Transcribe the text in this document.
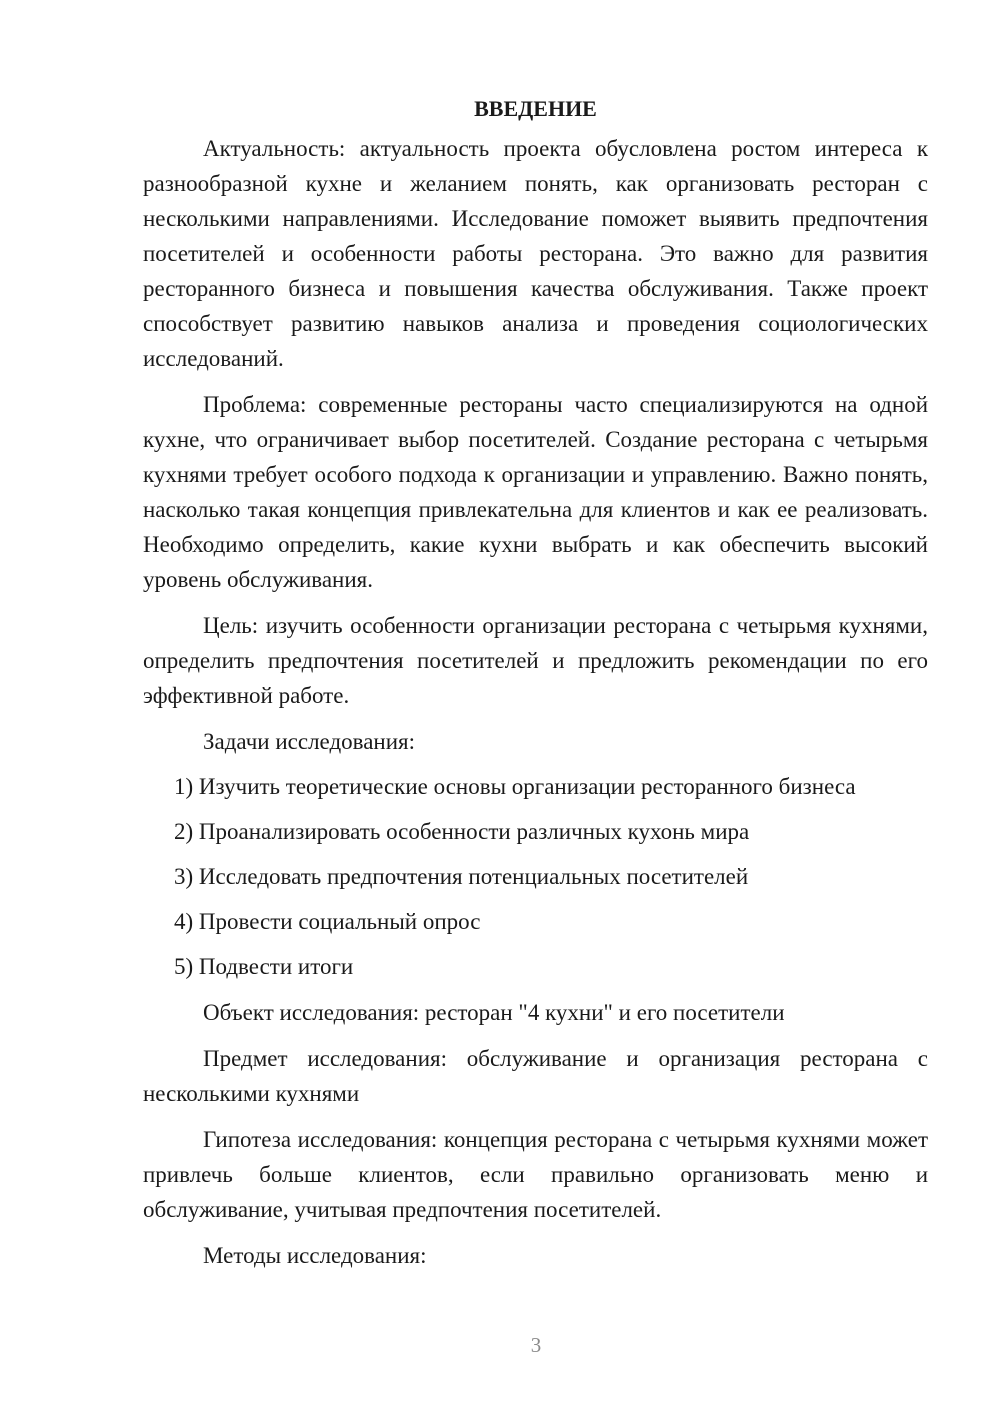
ВВЕДЕНИЕ

Актуальность: актуальность проекта обусловлена ростом интереса к разнообразной кухне и желанием понять, как организовать ресторан с несколькими направлениями. Исследование поможет выявить предпочтения посетителей и особенности работы ресторана. Это важно для развития ресторанного бизнеса и повышения качества обслуживания. Также проект способствует развитию навыков анализа и проведения социологических исследований.

Проблема: современные рестораны часто специализируются на одной кухне, что ограничивает выбор посетителей. Создание ресторана с четырьмя кухнями требует особого подхода к организации и управлению. Важно понять, насколько такая концепция привлекательна для клиентов и как ее реализовать. Необходимо определить, какие кухни выбрать и как обеспечить высокий уровень обслуживания.

Цель: изучить особенности организации ресторана с четырьмя кухнями, определить предпочтения посетителей и предложить рекомендации по его эффективной работе.

Задачи исследования:

1) Изучить теоретические основы организации ресторанного бизнеса
2) Проанализировать особенности различных кухонь мира
3) Исследовать предпочтения потенциальных посетителей
4) Провести социальный опрос
5) Подвести итоги

Объект исследования: ресторан "4 кухни" и его посетители

Предмет исследования: обслуживание и организация ресторана с несколькими кухнями

Гипотеза исследования: концепция ресторана с четырьмя кухнями может привлечь больше клиентов, если правильно организовать меню и обслуживание, учитывая предпочтения посетителей.

Методы исследования:

3
